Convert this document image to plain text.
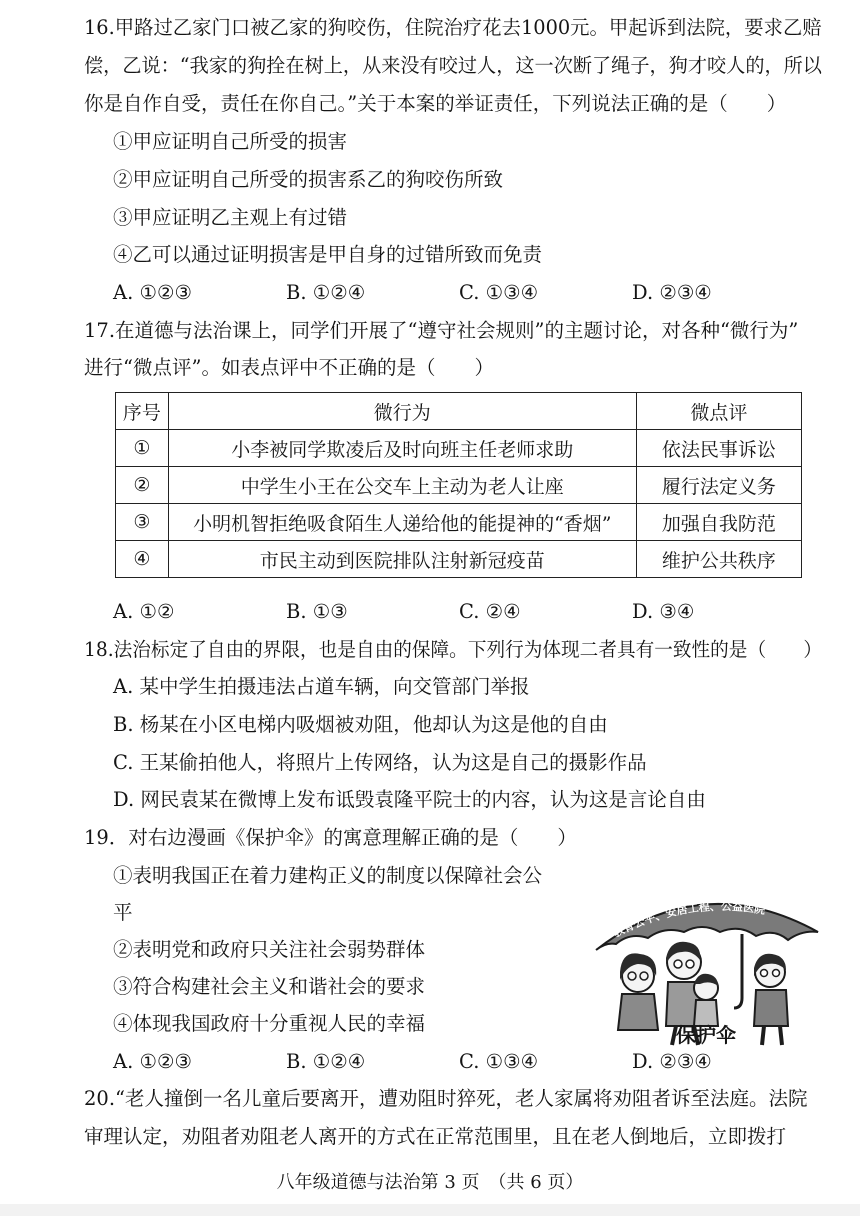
16.甲路过乙家门口被乙家的狗咬伤，住院治疗花去1000元。甲起诉到法院，要求乙赔
偿，乙说：“我家的狗拴在树上，从来没有咬过人，这一次断了绳子，狗才咬人的，所以
你是自作自受，责任在你自己。”关于本案的举证责任，下列说法正确的是（　　）
①甲应证明自己所受的损害
②甲应证明自己所受的损害系乙的狗咬伤所致
③甲应证明乙主观上有过错
④乙可以通过证明损害是甲自身的过错所致而免责
A. ①②③	B. ①②④	C. ①③④	D. ②③④
17.在道德与法治课上，同学们开展了“遵守社会规则”的主题讨论，对各种“微行为”
进行“微点评”。如表点评中不正确的是（　　）
序号	微行为	微点评
①	小李被同学欺凌后及时向班主任老师求助	依法民事诉讼
②	中学生小王在公交车上主动为老人让座	履行法定义务
③	小明机智拒绝吸食陌生人递给他的能提神的“香烟”	加强自我防范
④	市民主动到医院排队注射新冠疫苗	维护公共秩序
A. ①②	B. ①③	C. ②④	D. ③④
18.法治标定了自由的界限，也是自由的保障。下列行为体现二者具有一致性的是（　　）
A. 某中学生拍摄违法占道车辆，向交管部门举报
B. 杨某在小区电梯内吸烟被劝阻，他却认为这是他的自由
C. 王某偷拍他人，将照片上传网络，认为这是自己的摄影作品
D. 网民袁某在微博上发布诋毁袁隆平院士的内容，认为这是言论自由
19．对右边漫画《保护伞》的寓意理解正确的是（　　）
①表明我国正在着力建构正义的制度以保障社会公
平
②表明党和政府只关注社会弱势群体
③符合构建社会主义和谐社会的要求
④体现我国政府十分重视人民的幸福
教育公平、安居工程、公益医院
保护伞
A. ①②③	B. ①②④	C. ①③④	D. ②③④
20.“老人撞倒一名儿童后要离开，遭劝阻时猝死，老人家属将劝阻者诉至法庭。法院
审理认定，劝阻者劝阻老人离开的方式在正常范围里，且在老人倒地后，立即拨打
八年级道德与法治第 3 页　（共 6 页）
